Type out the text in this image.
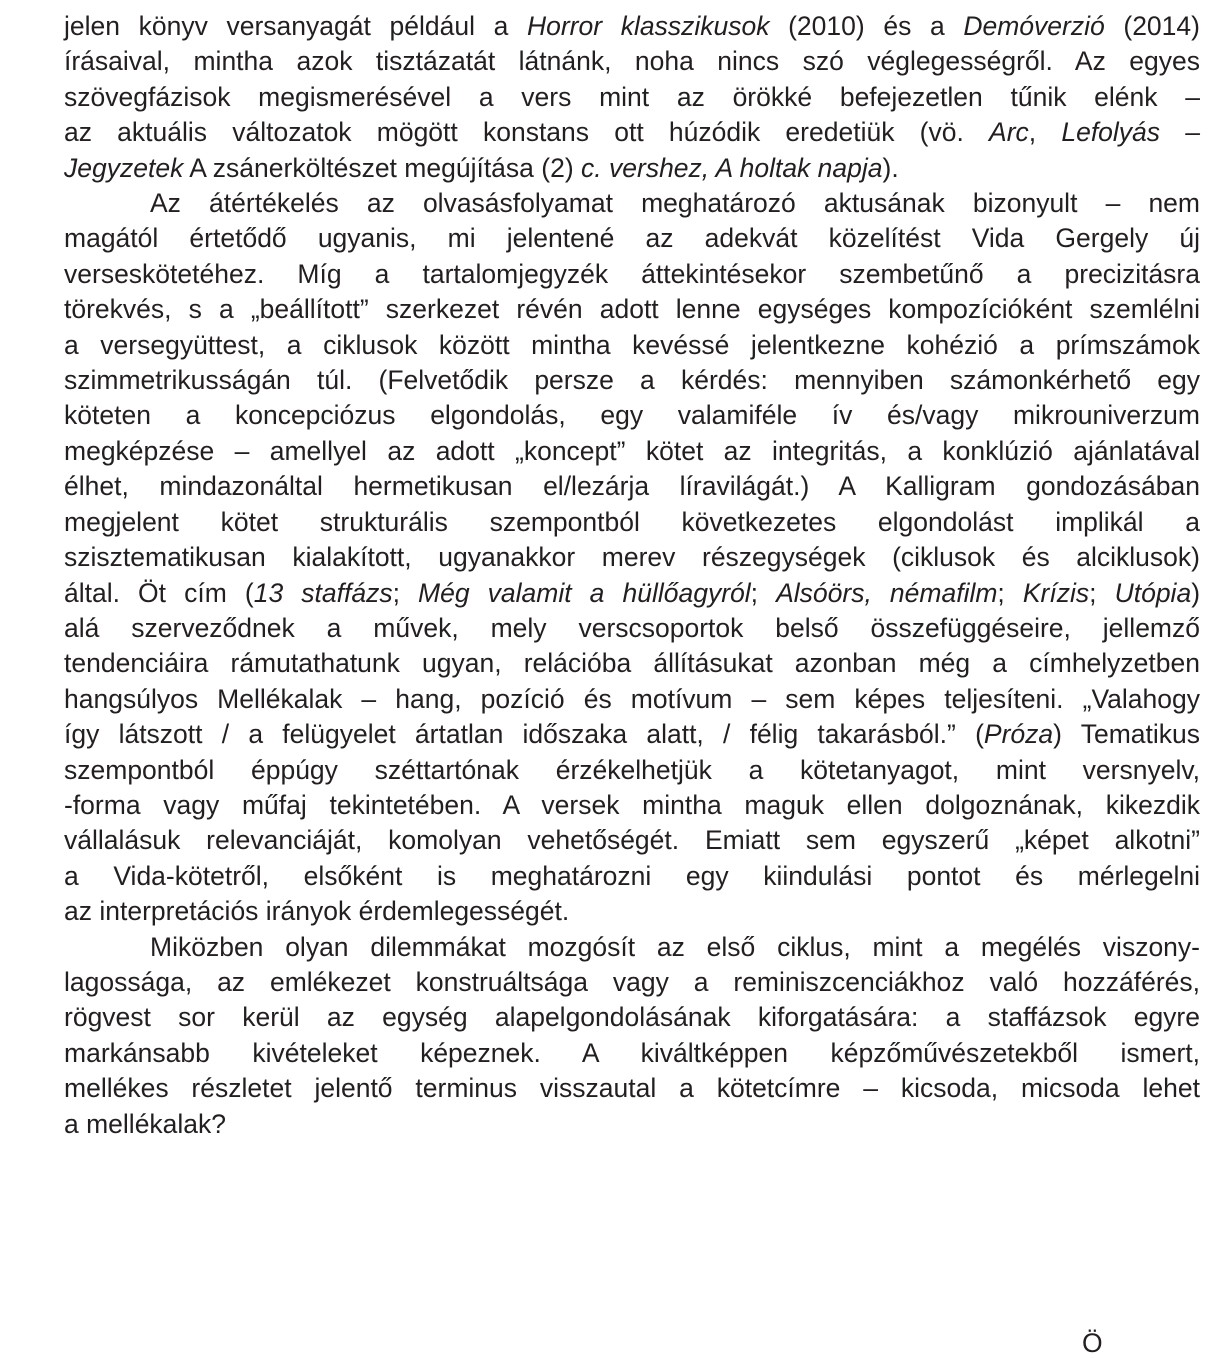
jelen könyv versanyagát például a Horror klasszikusok (2010) és a Demóverzió (2014)
írásaival, mintha azok tisztázatát látnánk, noha nincs szó véglegességről. Az egyes
szövegfázisok megismerésével a vers mint az örökké befejezetlen tűnik elénk –
az aktuális változatok mögött konstans ott húzódik eredetiük (vö. Arc, Lefolyás –
Jegyzetek A zsánerköltészet megújítása (2) c. vershez, A holtak napja).
Az átértékelés az olvasásfolyamat meghatározó aktusának bizonyult – nem
magától értetődő ugyanis, mi jelentené az adekvát közelítést Vida Gergely új
verseskötetéhez. Míg a tartalomjegyzék áttekintésekor szembetűnő a precizitásra
törekvés, s a „beállított” szerkezet révén adott lenne egységes kompozícióként szemlélni
a versegyüttest, a ciklusok között mintha kevéssé jelentkezne kohézió a prímszámok
szimmetrikusságán túl. (Felvetődik persze a kérdés: mennyiben számonkérhető egy
köteten a koncepciózus elgondolás, egy valamiféle ív és/vagy mikrouniverzum
megképzése – amellyel az adott „koncept” kötet az integritás, a konklúzió ajánlatával
élhet, mindazonáltal hermetikusan el/lezárja líravilágát.) A Kalligram gondozásában
megjelent kötet strukturális szempontból következetes elgondolást implikál a
szisztematikusan kialakított, ugyanakkor merev részegységek (ciklusok és alciklusok)
által. Öt cím (13 staffázs; Még valamit a hüllőagyról; Alsóörs, némafilm; Krízis; Utópia)
alá szerveződnek a művek, mely verscsoportok belső összefüggéseire, jellemző
tendenciáira rámutathatunk ugyan, relációba állításukat azonban még a címhelyzetben
hangsúlyos Mellékalak – hang, pozíció és motívum – sem képes teljesíteni. „Valahogy
így látszott / a felügyelet ártatlan időszaka alatt, / félig takarásból.” (Próza) Tematikus
szempontból éppúgy széttartónak érzékelhetjük a kötetanyagot, mint versnyelv,
-forma vagy műfaj tekintetében. A versek mintha maguk ellen dolgoznának, kikezdik
vállalásuk relevanciáját, komolyan vehetőségét. Emiatt sem egyszerű „képet alkotni”
a Vida-kötetről, elsőként is meghatározni egy kiindulási pontot és mérlegelni
az interpretációs irányok érdemlegességét.
Miközben olyan dilemmákat mozgósít az első ciklus, mint a megélés viszony-
lagossága, az emlékezet konstruáltsága vagy a reminiszcenciákhoz való hozzáférés,
rögvest sor kerül az egység alapelgondolásának kiforgatására: a staffázsok egyre
markánsabb kivételeket képeznek. A kiváltképpen képzőművészetekből ismert,
mellékes részletet jelentő terminus visszautal a kötetcímre – kicsoda, micsoda lehet
a mellékalak?
Ö
